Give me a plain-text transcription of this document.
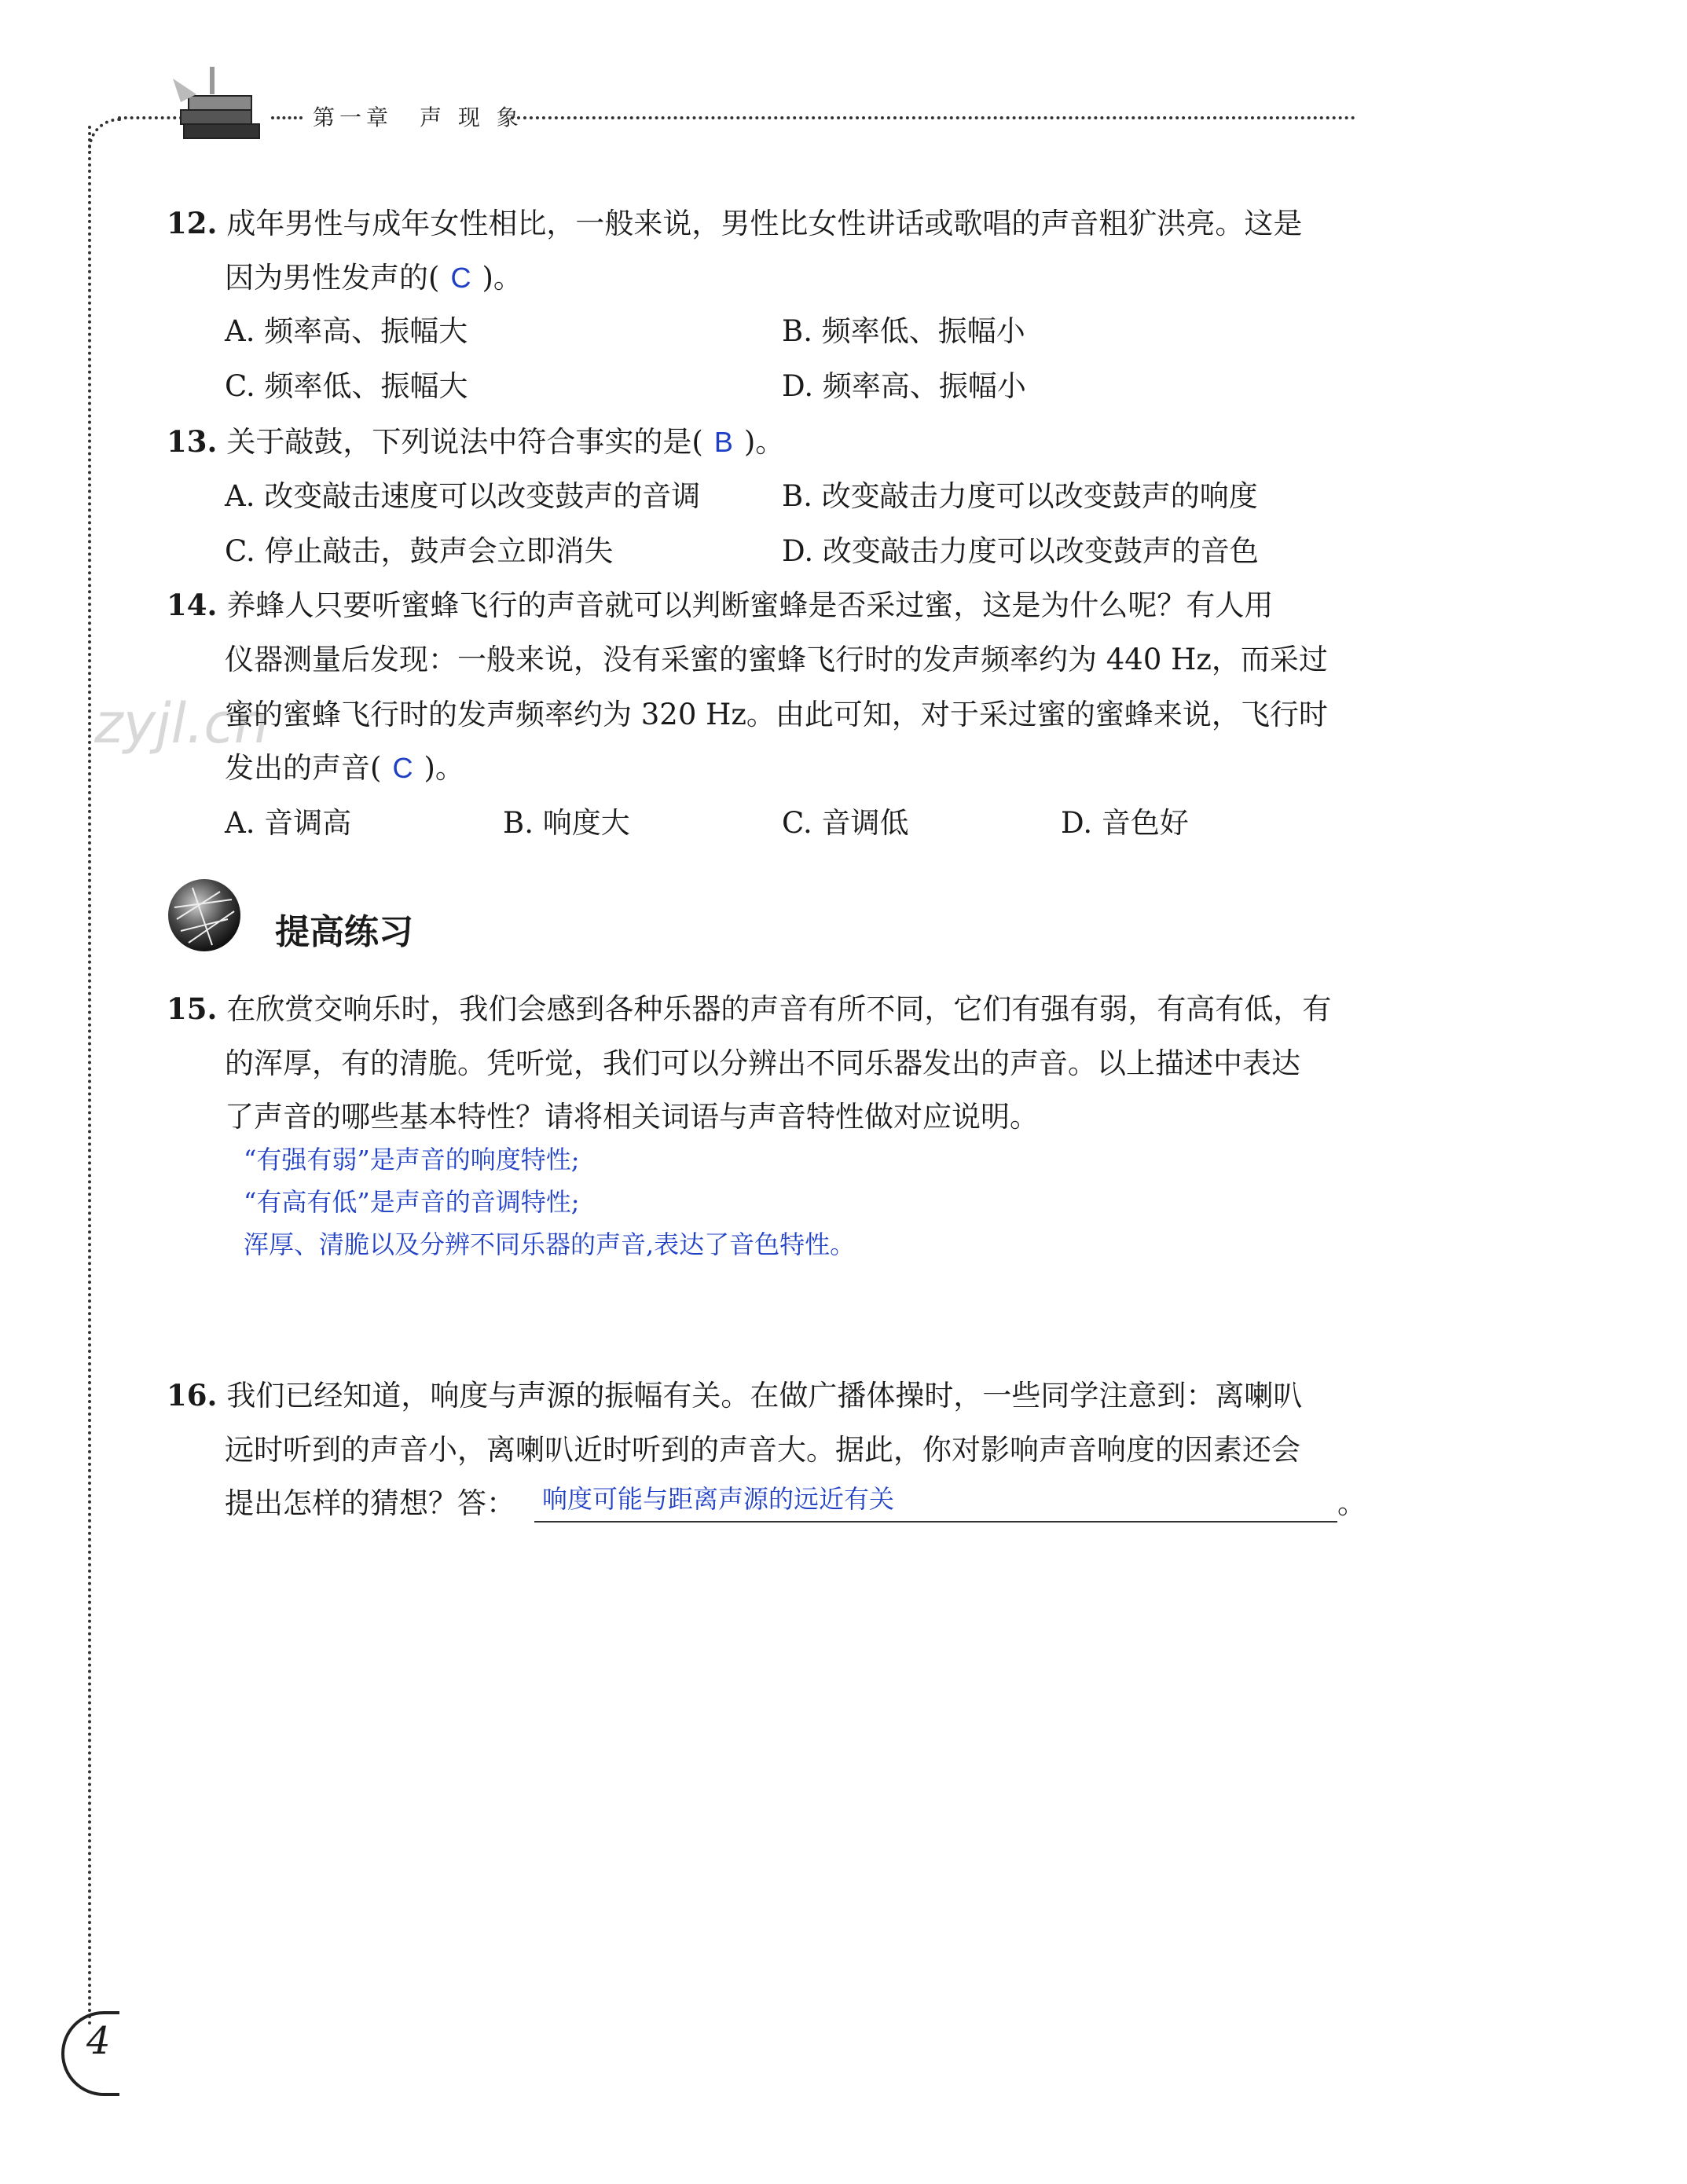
第一章　声 现 象
zyjl.cn
12. 成年男性与成年女性相比，一般来说，男性比女性讲话或歌唱的声音粗犷洪亮。这是
因为男性发声的( C )。
A. 频率高、振幅大	B. 频率低、振幅小
C. 频率低、振幅大	D. 频率高、振幅小
13. 关于敲鼓，下列说法中符合事实的是( B )。
A. 改变敲击速度可以改变鼓声的音调	B. 改变敲击力度可以改变鼓声的响度
C. 停止敲击，鼓声会立即消失	D. 改变敲击力度可以改变鼓声的音色
14. 养蜂人只要听蜜蜂飞行的声音就可以判断蜜蜂是否采过蜜，这是为什么呢？有人用
仪器测量后发现：一般来说，没有采蜜的蜜蜂飞行时的发声频率约为 440 Hz，而采过
蜜的蜜蜂飞行时的发声频率约为 320 Hz。由此可知，对于采过蜜的蜜蜂来说，飞行时
发出的声音( C )。
A. 音调高	B. 响度大	C. 音调低	D. 音色好
提高练习
15. 在欣赏交响乐时，我们会感到各种乐器的声音有所不同，它们有强有弱，有高有低，有
的浑厚，有的清脆。凭听觉，我们可以分辨出不同乐器发出的声音。以上描述中表达
了声音的哪些基本特性？请将相关词语与声音特性做对应说明。
“有强有弱”是声音的响度特性;
“有高有低”是声音的音调特性;
浑厚、清脆以及分辨不同乐器的声音,表达了音色特性。
16. 我们已经知道，响度与声源的振幅有关。在做广播体操时，一些同学注意到：离喇叭
远时听到的声音小，离喇叭近时听到的声音大。据此，你对影响声音响度的因素还会
提出怎样的猜想？答： 响度可能与距离声源的远近有关	。
4
